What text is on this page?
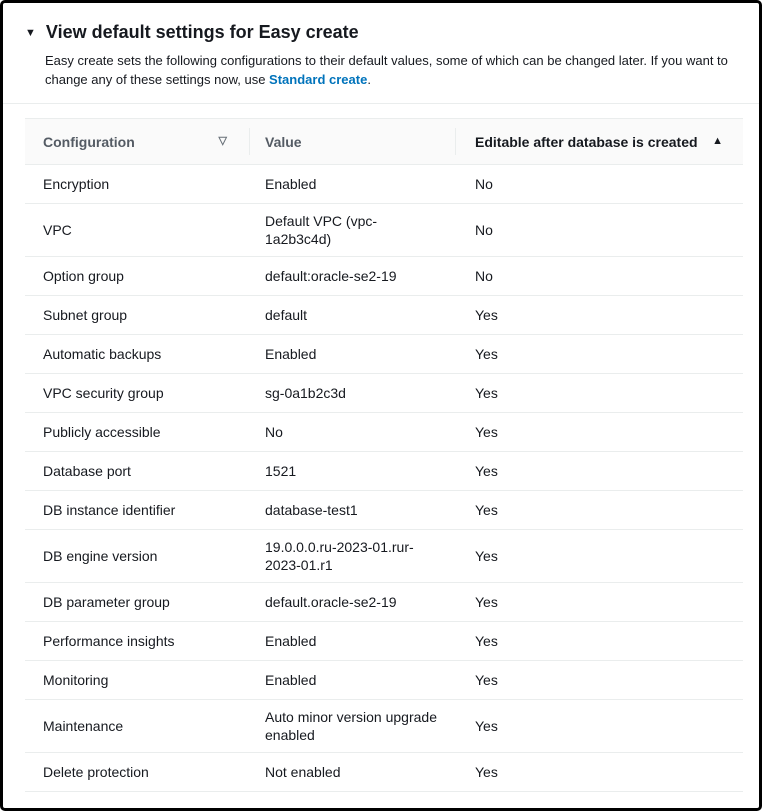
▼ View default settings for Easy create

Easy create sets the following configurations to their default values, some of which can be changed later. If you want to change any of these settings now, use Standard create.

Configuration ▽	Value	Editable after database is created ▲

Encryption	Enabled	No

VPC	Default VPC (vpc-1a2b3c4d)	No

Option group	default:oracle-se2-19	No

Subnet group	default	Yes

Automatic backups	Enabled	Yes

VPC security group	sg-0a1b2c3d	Yes

Publicly accessible	No	Yes

Database port	1521	Yes

DB instance identifier	database-test1	Yes

DB engine version	19.0.0.0.ru-2023-01.rur-2023-01.r1	Yes

DB parameter group	default.oracle-se2-19	Yes

Performance insights	Enabled	Yes

Monitoring	Enabled	Yes

Maintenance	Auto minor version upgrade enabled	Yes

Delete protection	Not enabled	Yes
